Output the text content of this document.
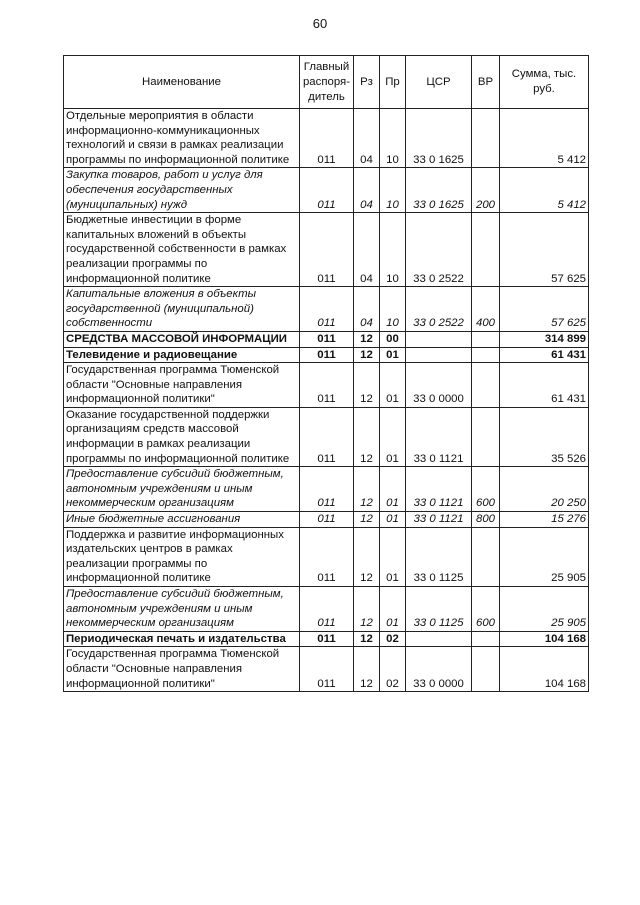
60
Наименование	Главный распоря-дитель	Рз	Пр	ЦСР	ВР	Сумма, тыс. руб.
Отдельные мероприятия в области информационно-коммуникационных технологий и связи в рамках реализации программы по информационной политике	011	04	10	33 0 1625		5 412
Закупка товаров, работ и услуг для обеспечения государственных (муниципальных) нужд	011	04	10	33 0 1625	200	5 412
Бюджетные инвестиции в форме капитальных вложений в объекты государственной собственности в рамках реализации программы по информационной политике	011	04	10	33 0 2522		57 625
Капитальные вложения в объекты государственной (муниципальной) собственности	011	04	10	33 0 2522	400	57 625
СРЕДСТВА МАССОВОЙ ИНФОРМАЦИИ	011	12	00			314 899
Телевидение и радиовещание	011	12	01			61 431
Государственная программа Тюменской области "Основные направления информационной политики"	011	12	01	33 0 0000		61 431
Оказание государственной поддержки организациям средств массовой информации в рамках реализации программы по информационной политике	011	12	01	33 0 1121		35 526
Предоставление субсидий бюджетным, автономным учреждениям и иным некоммерческим организациям	011	12	01	33 0 1121	600	20 250
Иные бюджетные ассигнования	011	12	01	33 0 1121	800	15 276
Поддержка и развитие информационных издательских центров в рамках реализации программы по информационной политике	011	12	01	33 0 1125		25 905
Предоставление субсидий бюджетным, автономным учреждениям и иным некоммерческим организациям	011	12	01	33 0 1125	600	25 905
Периодическая печать и издательства	011	12	02			104 168
Государственная программа Тюменской области "Основные направления информационной политики"	011	12	02	33 0 0000		104 168
